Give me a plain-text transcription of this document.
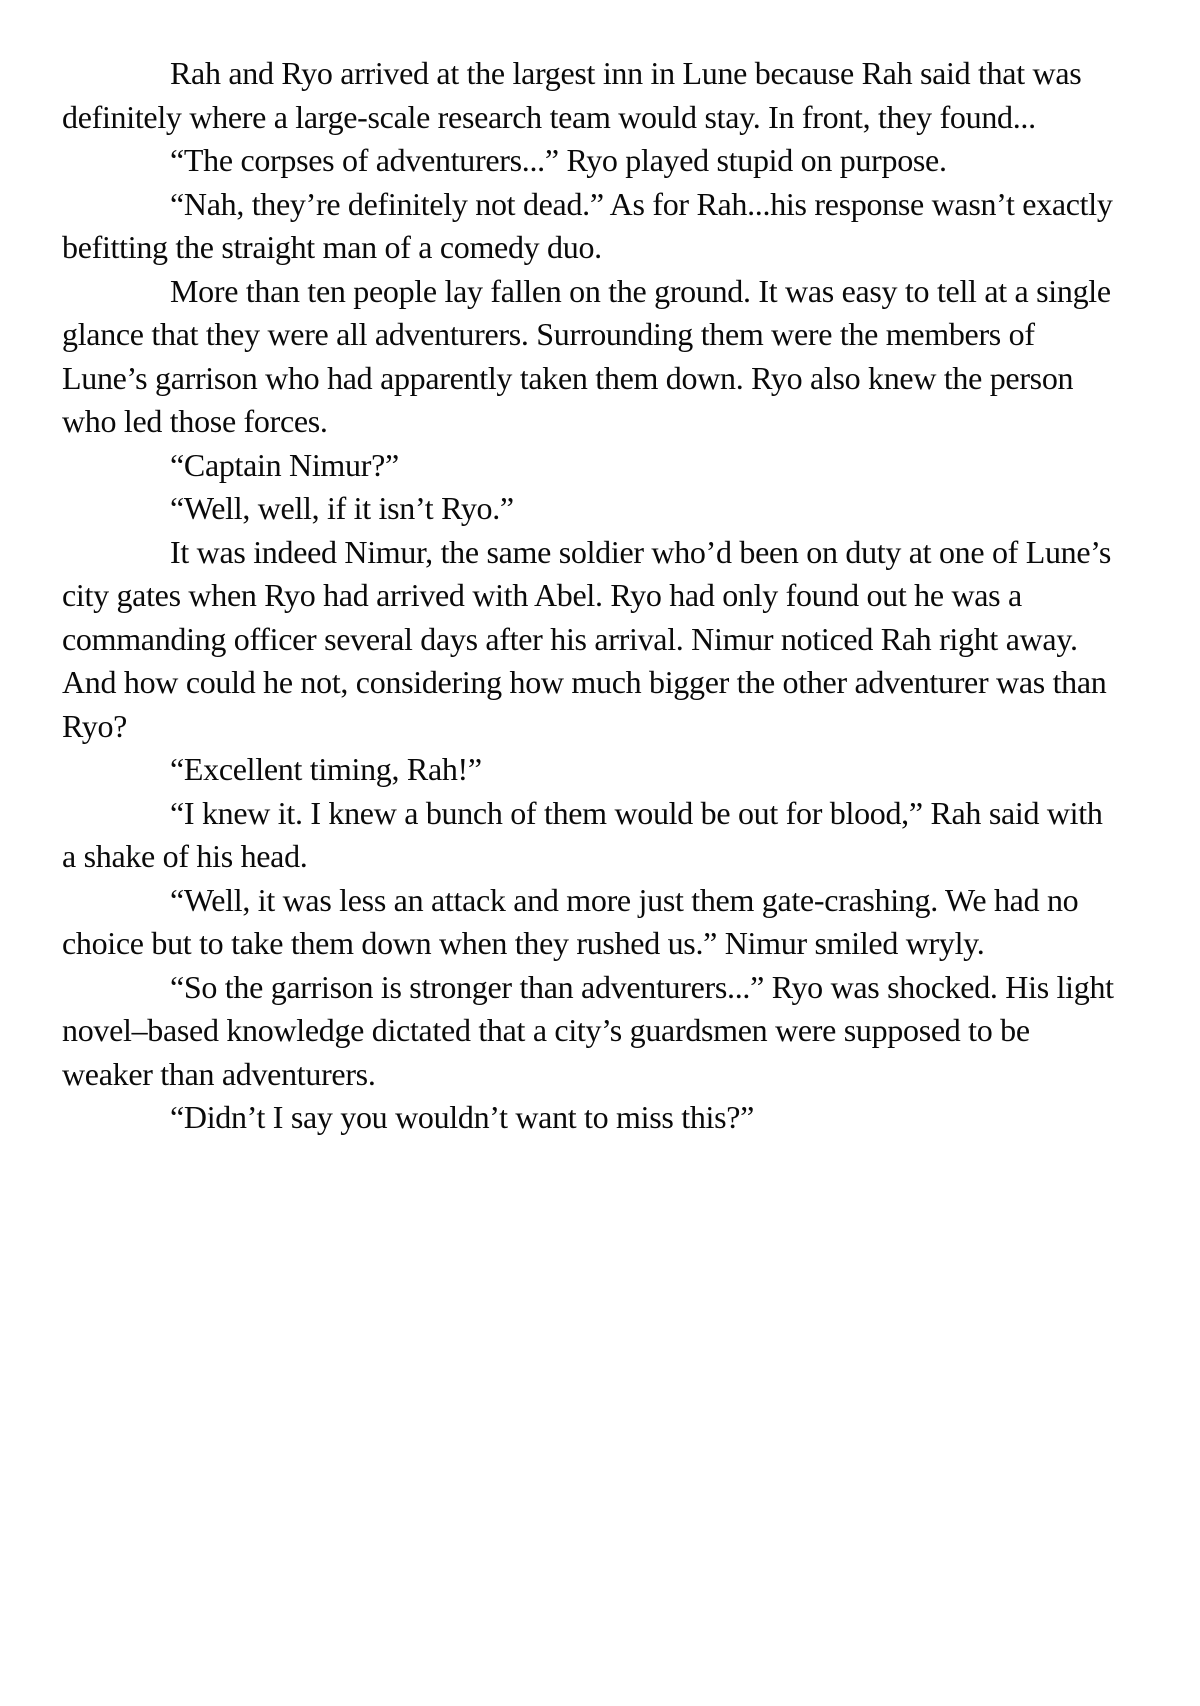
Rah and Ryo arrived at the largest inn in Lune because Rah said that was definitely where a large-scale research team would stay. In front, they found...

“The corpses of adventurers...” Ryo played stupid on purpose.

“Nah, they’re definitely not dead.” As for Rah...his response wasn’t exactly befitting the straight man of a comedy duo.

More than ten people lay fallen on the ground. It was easy to tell at a single glance that they were all adventurers. Surrounding them were the members of Lune’s garrison who had apparently taken them down. Ryo also knew the person who led those forces.

“Captain Nimur?”

“Well, well, if it isn’t Ryo.”

It was indeed Nimur, the same soldier who’d been on duty at one of Lune’s city gates when Ryo had arrived with Abel. Ryo had only found out he was a commanding officer several days after his arrival. Nimur noticed Rah right away. And how could he not, considering how much bigger the other adventurer was than Ryo?

“Excellent timing, Rah!”

“I knew it. I knew a bunch of them would be out for blood,” Rah said with a shake of his head.

“Well, it was less an attack and more just them gate-crashing. We had no choice but to take them down when they rushed us.” Nimur smiled wryly.

“So the garrison is stronger than adventurers...” Ryo was shocked. His light novel–based knowledge dictated that a city’s guardsmen were supposed to be weaker than adventurers.

“Didn’t I say you wouldn’t want to miss this?”
